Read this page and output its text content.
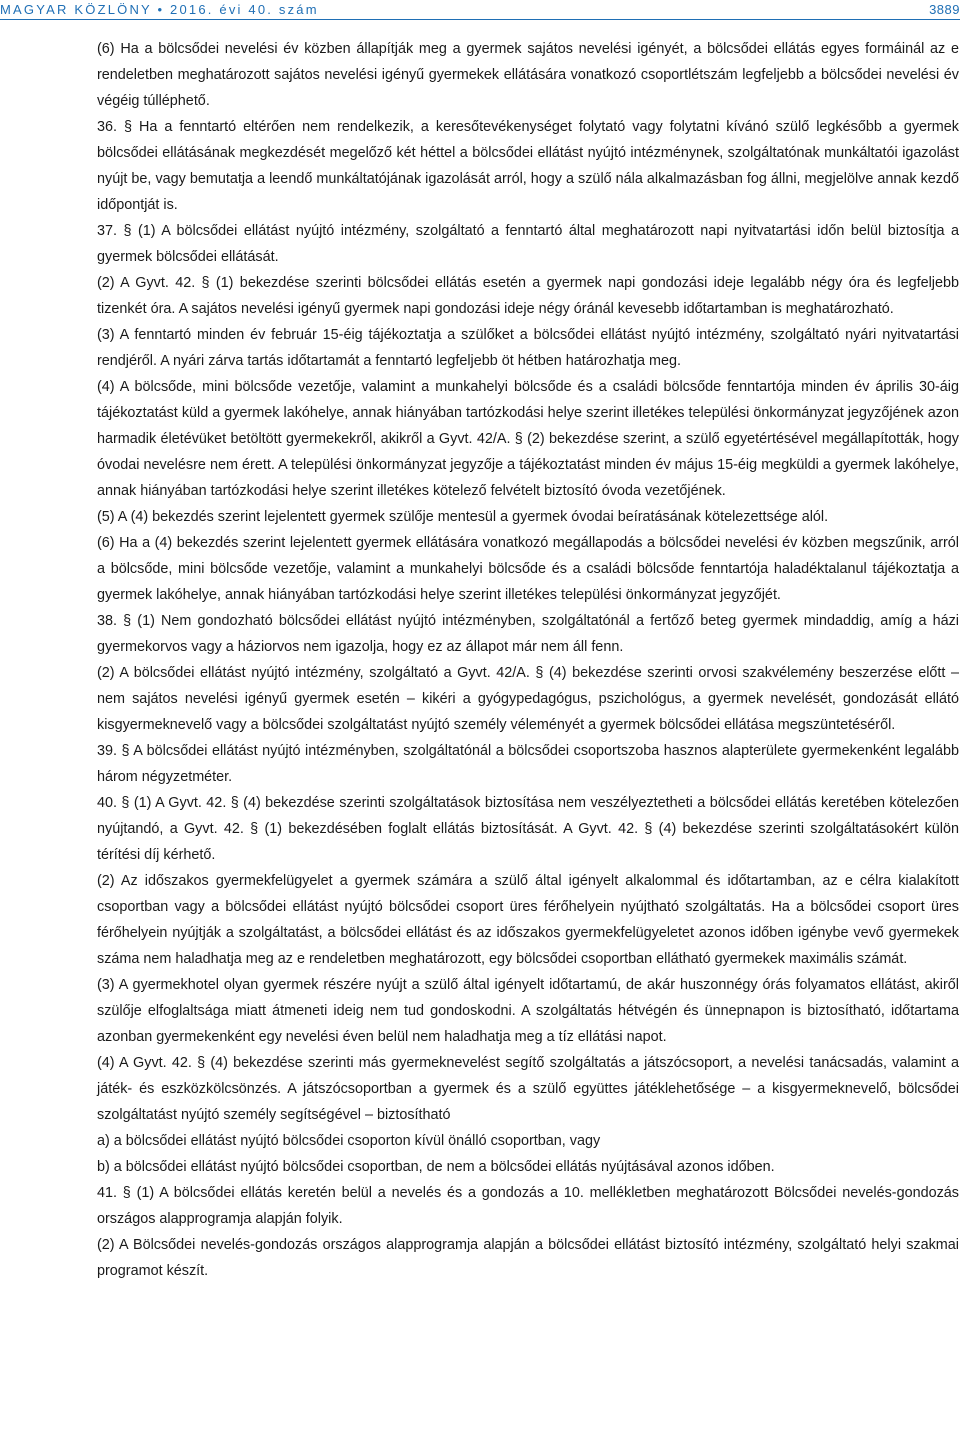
MAGYAR KÖZLÖNY • 2016. évi 40. szám	3889

(6) Ha a bölcsődei nevelési év közben állapítják meg a gyermek sajátos nevelési igényét, a bölcsődei ellátás egyes formáinál az e rendeletben meghatározott sajátos nevelési igényű gyermekek ellátására vonatkozó csoportlétszám legfeljebb a bölcsődei nevelési év végéig túlléphető.

36. § Ha a fenntartó eltérően nem rendelkezik, a keresőtevékenységet folytató vagy folytatni kívánó szülő legkésőbb a gyermek bölcsődei ellátásának megkezdését megelőző két héttel a bölcsődei ellátást nyújtó intézménynek, szolgáltatónak munkáltatói igazolást nyújt be, vagy bemutatja a leendő munkáltatójának igazolását arról, hogy a szülő nála alkalmazásban fog állni, megjelölve annak kezdő időpontját is.

37. § (1) A bölcsődei ellátást nyújtó intézmény, szolgáltató a fenntartó által meghatározott napi nyitvatartási időn belül biztosítja a gyermek bölcsődei ellátását.

(2) A Gyvt. 42. § (1) bekezdése szerinti bölcsődei ellátás esetén a gyermek napi gondozási ideje legalább négy óra és legfeljebb tizenkét óra. A sajátos nevelési igényű gyermek napi gondozási ideje négy óránál kevesebb időtartamban is meghatározható.

(3) A fenntartó minden év február 15-éig tájékoztatja a szülőket a bölcsődei ellátást nyújtó intézmény, szolgáltató nyári nyitvatartási rendjéről. A nyári zárva tartás időtartamát a fenntartó legfeljebb öt hétben határozhatja meg.

(4) A bölcsőde, mini bölcsőde vezetője, valamint a munkahelyi bölcsőde és a családi bölcsőde fenntartója minden év április 30-áig tájékoztatást küld a gyermek lakóhelye, annak hiányában tartózkodási helye szerint illetékes települési önkormányzat jegyzőjének azon harmadik életévüket betöltött gyermekekről, akikről a Gyvt. 42/A. § (2) bekezdése szerint, a szülő egyetértésével megállapították, hogy óvodai nevelésre nem érett. A települési önkormányzat jegyzője a tájékoztatást minden év május 15-éig megküldi a gyermek lakóhelye, annak hiányában tartózkodási helye szerint illetékes kötelező felvételt biztosító óvoda vezetőjének.

(5) A (4) bekezdés szerint lejelentett gyermek szülője mentesül a gyermek óvodai beíratásának kötelezettsége alól.

(6) Ha a (4) bekezdés szerint lejelentett gyermek ellátására vonatkozó megállapodás a bölcsődei nevelési év közben megszűnik, arról a bölcsőde, mini bölcsőde vezetője, valamint a munkahelyi bölcsőde és a családi bölcsőde fenntartója haladéktalanul tájékoztatja a gyermek lakóhelye, annak hiányában tartózkodási helye szerint illetékes települési önkormányzat jegyzőjét.

38. § (1) Nem gondozható bölcsődei ellátást nyújtó intézményben, szolgáltatónál a fertőző beteg gyermek mindaddig, amíg a házi gyermekorvos vagy a háziorvos nem igazolja, hogy ez az állapot már nem áll fenn.

(2) A bölcsődei ellátást nyújtó intézmény, szolgáltató a Gyvt. 42/A. § (4) bekezdése szerinti orvosi szakvélemény beszerzése előtt – nem sajátos nevelési igényű gyermek esetén – kikéri a gyógypedagógus, pszichológus, a gyermek nevelését, gondozását ellátó kisgyermeknevelő vagy a bölcsődei szolgáltatást nyújtó személy véleményét a gyermek bölcsődei ellátása megszüntetéséről.

39. § A bölcsődei ellátást nyújtó intézményben, szolgáltatónál a bölcsődei csoportszoba hasznos alapterülete gyermekenként legalább három négyzetméter.

40. § (1) A Gyvt. 42. § (4) bekezdése szerinti szolgáltatások biztosítása nem veszélyeztetheti a bölcsődei ellátás keretében kötelezően nyújtandó, a Gyvt. 42. § (1) bekezdésében foglalt ellátás biztosítását. A Gyvt. 42. § (4) bekezdése szerinti szolgáltatásokért külön térítési díj kérhető.

(2) Az időszakos gyermekfelügyelet a gyermek számára a szülő által igényelt alkalommal és időtartamban, az e célra kialakított csoportban vagy a bölcsődei ellátást nyújtó bölcsődei csoport üres férőhelyein nyújtható szolgáltatás. Ha a bölcsődei csoport üres férőhelyein nyújtják a szolgáltatást, a bölcsődei ellátást és az időszakos gyermekfelügyeletet azonos időben igénybe vevő gyermekek száma nem haladhatja meg az e rendeletben meghatározott, egy bölcsődei csoportban ellátható gyermekek maximális számát.

(3) A gyermekhotel olyan gyermek részére nyújt a szülő által igényelt időtartamú, de akár huszonnégy órás folyamatos ellátást, akiről szülője elfoglaltsága miatt átmeneti ideig nem tud gondoskodni. A szolgáltatás hétvégén és ünnepnapon is biztosítható, időtartama azonban gyermekenként egy nevelési éven belül nem haladhatja meg a tíz ellátási napot.

(4) A Gyvt. 42. § (4) bekezdése szerinti más gyermeknevelést segítő szolgáltatás a játszócsoport, a nevelési tanácsadás, valamint a játék- és eszközkölcsönzés. A játszócsoportban a gyermek és a szülő együttes játéklehetősége – a kisgyermeknevelő, bölcsődei szolgáltatást nyújtó személy segítségével – biztosítható

a) a bölcsődei ellátást nyújtó bölcsődei csoporton kívül önálló csoportban, vagy

b) a bölcsődei ellátást nyújtó bölcsődei csoportban, de nem a bölcsődei ellátás nyújtásával azonos időben.

41. § (1) A bölcsődei ellátás keretén belül a nevelés és a gondozás a 10. mellékletben meghatározott Bölcsődei nevelés-gondozás országos alapprogramja alapján folyik.

(2) A Bölcsődei nevelés-gondozás országos alapprogramja alapján a bölcsődei ellátást biztosító intézmény, szolgáltató helyi szakmai programot készít.
